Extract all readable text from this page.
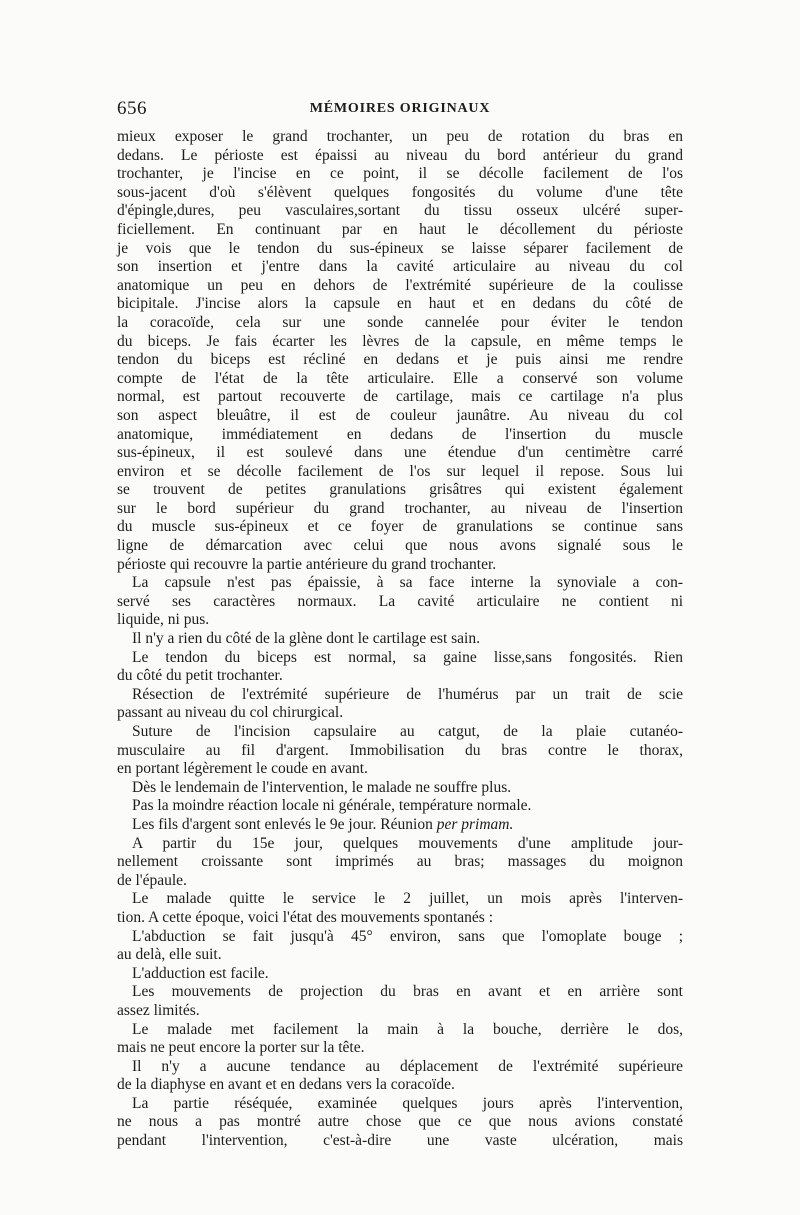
656	MÉMOIRES ORIGINAUX
mieux exposer le grand trochanter, un peu de rotation du bras en
dedans. Le périoste est épaissi au niveau du bord antérieur du grand
trochanter, je l'incise en ce point, il se décolle facilement de l'os
sous-jacent d'où s'élèvent quelques fongosités du volume d'une tête
d'épingle,dures, peu vasculaires,sortant du tissu osseux ulcéré super-
ficiellement. En continuant par en haut le décollement du périoste
je vois que le tendon du sus-épineux se laisse séparer facilement de
son insertion et j'entre dans la cavité articulaire au niveau du col
anatomique un peu en dehors de l'extrémité supérieure de la coulisse
bicipitale. J'incise alors la capsule en haut et en dedans du côté de
la coracoïde, cela sur une sonde cannelée pour éviter le tendon
du biceps. Je fais écarter les lèvres de la capsule, en même temps le
tendon du biceps est récliné en dedans et je puis ainsi me rendre
compte de l'état de la tête articulaire. Elle a conservé son volume
normal, est partout recouverte de cartilage, mais ce cartilage n'a plus
son aspect bleuâtre, il est de couleur jaunâtre. Au niveau du col
anatomique, immédiatement en dedans de l'insertion du muscle
sus-épineux, il est soulevé dans une étendue d'un centimètre carré
environ et se décolle facilement de l'os sur lequel il repose. Sous lui
se trouvent de petites granulations grisâtres qui existent également
sur le bord supérieur du grand trochanter, au niveau de l'insertion
du muscle sus-épineux et ce foyer de granulations se continue sans
ligne de démarcation avec celui que nous avons signalé sous le
périoste qui recouvre la partie antérieure du grand trochanter.
La capsule n'est pas épaissie, à sa face interne la synoviale a con-
servé ses caractères normaux. La cavité articulaire ne contient ni
liquide, ni pus.
Il n'y a rien du côté de la glène dont le cartilage est sain.
Le tendon du biceps est normal, sa gaine lisse,sans fongosités. Rien
du côté du petit trochanter.
Résection de l'extrémité supérieure de l'humérus par un trait de scie
passant au niveau du col chirurgical.
Suture de l'incision capsulaire au catgut, de la plaie cutanéo-
musculaire au fil d'argent. Immobilisation du bras contre le thorax,
en portant légèrement le coude en avant.
Dès le lendemain de l'intervention, le malade ne souffre plus.
Pas la moindre réaction locale ni générale, température normale.
Les fils d'argent sont enlevés le 9e jour. Réunion per primam.
A partir du 15e jour, quelques mouvements d'une amplitude jour-
nellement croissante sont imprimés au bras; massages du moignon
de l'épaule.
Le malade quitte le service le 2 juillet, un mois après l'interven-
tion. A cette époque, voici l'état des mouvements spontanés :
L'abduction se fait jusqu'à 45° environ, sans que l'omoplate bouge ;
au delà, elle suit.
L'adduction est facile.
Les mouvements de projection du bras en avant et en arrière sont
assez limités.
Le malade met facilement la main à la bouche, derrière le dos,
mais ne peut encore la porter sur la tête.
Il n'y a aucune tendance au déplacement de l'extrémité supérieure
de la diaphyse en avant et en dedans vers la coracoïde.
La partie réséquée, examinée quelques jours après l'intervention,
ne nous a pas montré autre chose que ce que nous avions constaté
pendant l'intervention, c'est-à-dire une vaste ulcération, mais
